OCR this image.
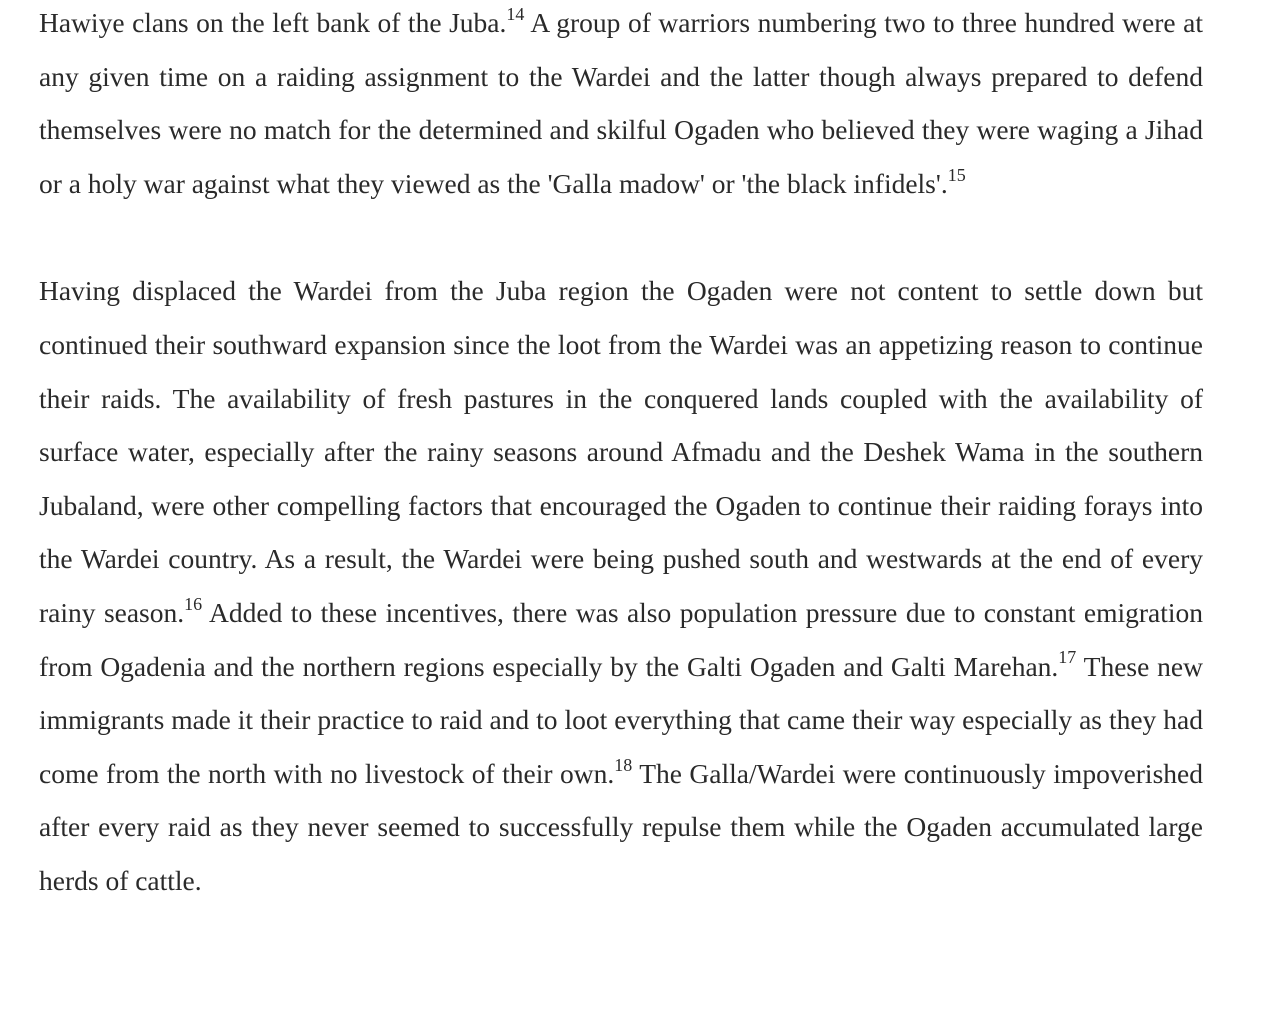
Hawiye clans on the left bank of the Juba.$^{14}$ A group of warriors numbering two to three hundred were at any given time on a raiding assignment to the Wardei and the latter though always prepared to defend themselves were no match for the determined and skilful Ogaden who believed they were waging a Jihad or a holy war against what they viewed as the 'Galla madow' or 'the black infidels'.$^{15}$

Having displaced the Wardei from the Juba region the Ogaden were not content to settle down but continued their southward expansion since the loot from the Wardei was an appetizing reason to continue their raids. The availability of fresh pastures in the conquered lands coupled with the availability of surface water, especially after the rainy seasons around Afmadu and the Deshek Wama in the southern Jubaland, were other compelling factors that encouraged the Ogaden to continue their raiding forays into the Wardei country. As a result, the Wardei were being pushed south and westwards at the end of every rainy season.$^{16}$ Added to these incentives, there was also population pressure due to constant emigration from Ogadenia and the northern regions especially by the Galti Ogaden and Galti Marehan.$^{17}$ These new immigrants made it their practice to raid and to loot everything that came their way especially as they had come from the north with no livestock of their own.$^{18}$ The Galla/Wardei were continuously impoverished after every raid as they never seemed to successfully repulse them while the Ogaden accumulated large herds of cattle.
